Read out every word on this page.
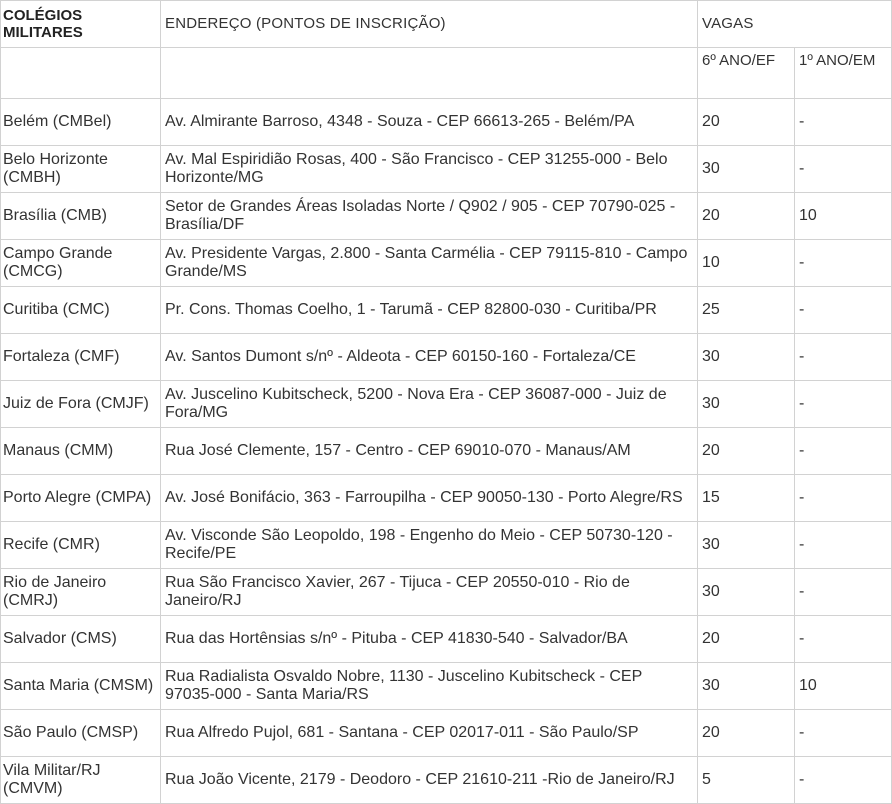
COLÉGIOS MILITARES	ENDEREÇO (PONTOS DE INSCRIÇÃO)	VAGAS	
		6º ANO/EF	1º ANO/EM
Belém (CMBel)	Av. Almirante Barroso, 4348 - Souza - CEP 66613-265 - Belém/PA	20	-
Belo Horizonte (CMBH)	Av. Mal Espiridião Rosas, 400 - São Francisco - CEP 31255-000 - Belo Horizonte/MG	30	-
Brasília (CMB)	Setor de Grandes Áreas Isoladas Norte / Q902 / 905 - CEP 70790-025 - Brasília/DF	20	10
Campo Grande (CMCG)	Av. Presidente Vargas, 2.800 - Santa Carmélia - CEP 79115-810 - Campo Grande/MS	10	-
Curitiba (CMC)	Pr. Cons. Thomas Coelho, 1 - Tarumã - CEP 82800-030 - Curitiba/PR	25	-
Fortaleza (CMF)	Av. Santos Dumont s/nº - Aldeota - CEP 60150-160 - Fortaleza/CE	30	-
Juiz de Fora (CMJF)	Av. Juscelino Kubitscheck, 5200 - Nova Era - CEP 36087-000 - Juiz de Fora/MG	30	-
Manaus (CMM)	Rua José Clemente, 157 - Centro - CEP 69010-070 - Manaus/AM	20	-
Porto Alegre (CMPA)	Av. José Bonifácio, 363 - Farroupilha - CEP 90050-130 - Porto Alegre/RS	15	-
Recife (CMR)	Av. Visconde São Leopoldo, 198 - Engenho do Meio - CEP 50730-120 - Recife/PE	30	-
Rio de Janeiro (CMRJ)	Rua São Francisco Xavier, 267 - Tijuca - CEP 20550-010 - Rio de Janeiro/RJ	30	-
Salvador (CMS)	Rua das Hortênsias s/nº - Pituba - CEP 41830-540 - Salvador/BA	20	-
Santa Maria (CMSM)	Rua Radialista Osvaldo Nobre, 1130 - Juscelino Kubitscheck - CEP 97035-000 - Santa Maria/RS	30	10
São Paulo (CMSP)	Rua Alfredo Pujol, 681 - Santana - CEP 02017-011 - São Paulo/SP	20	-
Vila Militar/RJ (CMVM)	Rua João Vicente, 2179 - Deodoro - CEP 21610-211 -Rio de Janeiro/RJ	5	-
